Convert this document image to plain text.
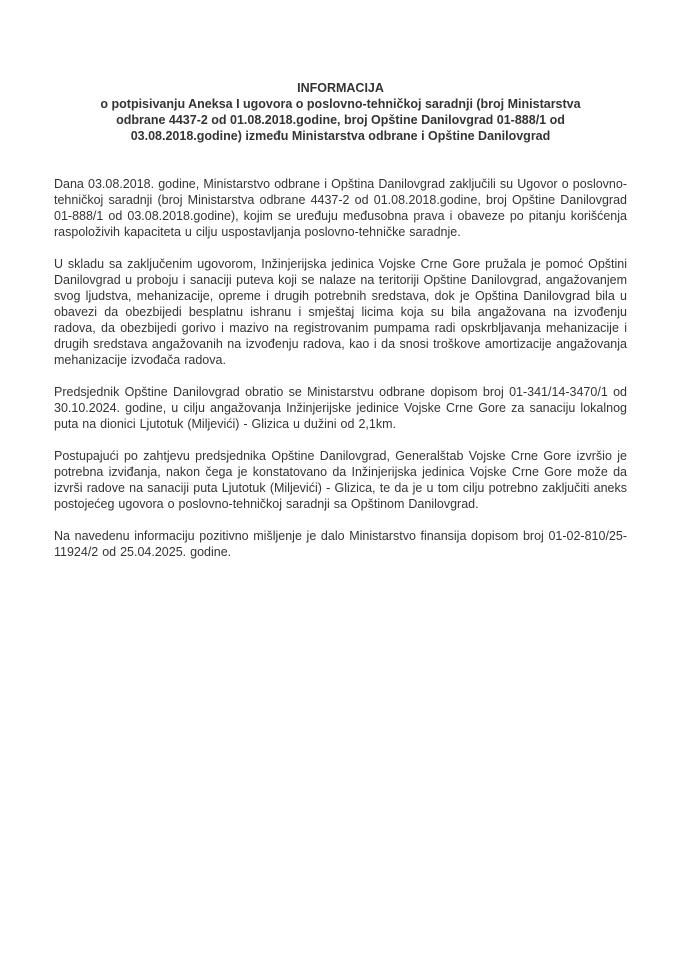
INFORMACIJA
o potpisivanju Aneksa I ugovora o poslovno-tehničkoj saradnji (broj Ministarstva odbrane 4437-2 od 01.08.2018.godine, broj Opštine Danilovgrad 01-888/1 od 03.08.2018.godine) između Ministarstva odbrane i Opštine Danilovgrad

Dana 03.08.2018. godine, Ministarstvo odbrane i Opština Danilovgrad zaključili su Ugovor o poslovno-tehničkoj saradnji (broj Ministarstva odbrane 4437-2 od 01.08.2018.godine, broj Opštine Danilovgrad 01-888/1 od 03.08.2018.godine), kojim se uređuju međusobna prava i obaveze po pitanju korišćenja raspoloživih kapaciteta u cilju uspostavljanja poslovno-tehničke saradnje.

U skladu sa zaključenim ugovorom, Inžinjerijska jedinica Vojske Crne Gore pružala je pomoć Opštini Danilovgrad u proboju i sanaciji puteva koji se nalaze na teritoriji Opštine Danilovgrad, angažovanjem svog ljudstva, mehanizacije, opreme i drugih potrebnih sredstava, dok je Opština Danilovgrad bila u obavezi da obezbijedi besplatnu ishranu i smještaj licima koja su bila angažovana na izvođenju radova, da obezbijedi gorivo i mazivo na registrovanim pumpama radi opskrbljavanja mehanizacije i drugih sredstava angažovanih na izvođenju radova, kao i da snosi troškove amortizacije angažovanja mehanizacije izvođača radova.

Predsjednik Opštine Danilovgrad obratio se Ministarstvu odbrane dopisom broj 01-341/14-3470/1 od 30.10.2024. godine, u cilju angažovanja Inžinjerijske jedinice Vojske Crne Gore za sanaciju lokalnog puta na dionici Ljutotuk (Miljevići) - Glizica u dužini od 2,1km.

Postupajući po zahtjevu predsjednika Opštine Danilovgrad, Generalštab Vojske Crne Gore izvršio je potrebna izviđanja, nakon čega je konstatovano da Inžinjerijska jedinica Vojske Crne Gore može da izvrši radove na sanaciji puta Ljutotuk (Miljevići) - Glizica, te da je u tom cilju potrebno zaključiti aneks postojećeg ugovora o poslovno-tehničkoj saradnji sa Opštinom Danilovgrad.

Na navedenu informaciju pozitivno mišljenje je dalo Ministarstvo finansija dopisom broj 01-02-810/25-11924/2 od 25.04.2025. godine.
